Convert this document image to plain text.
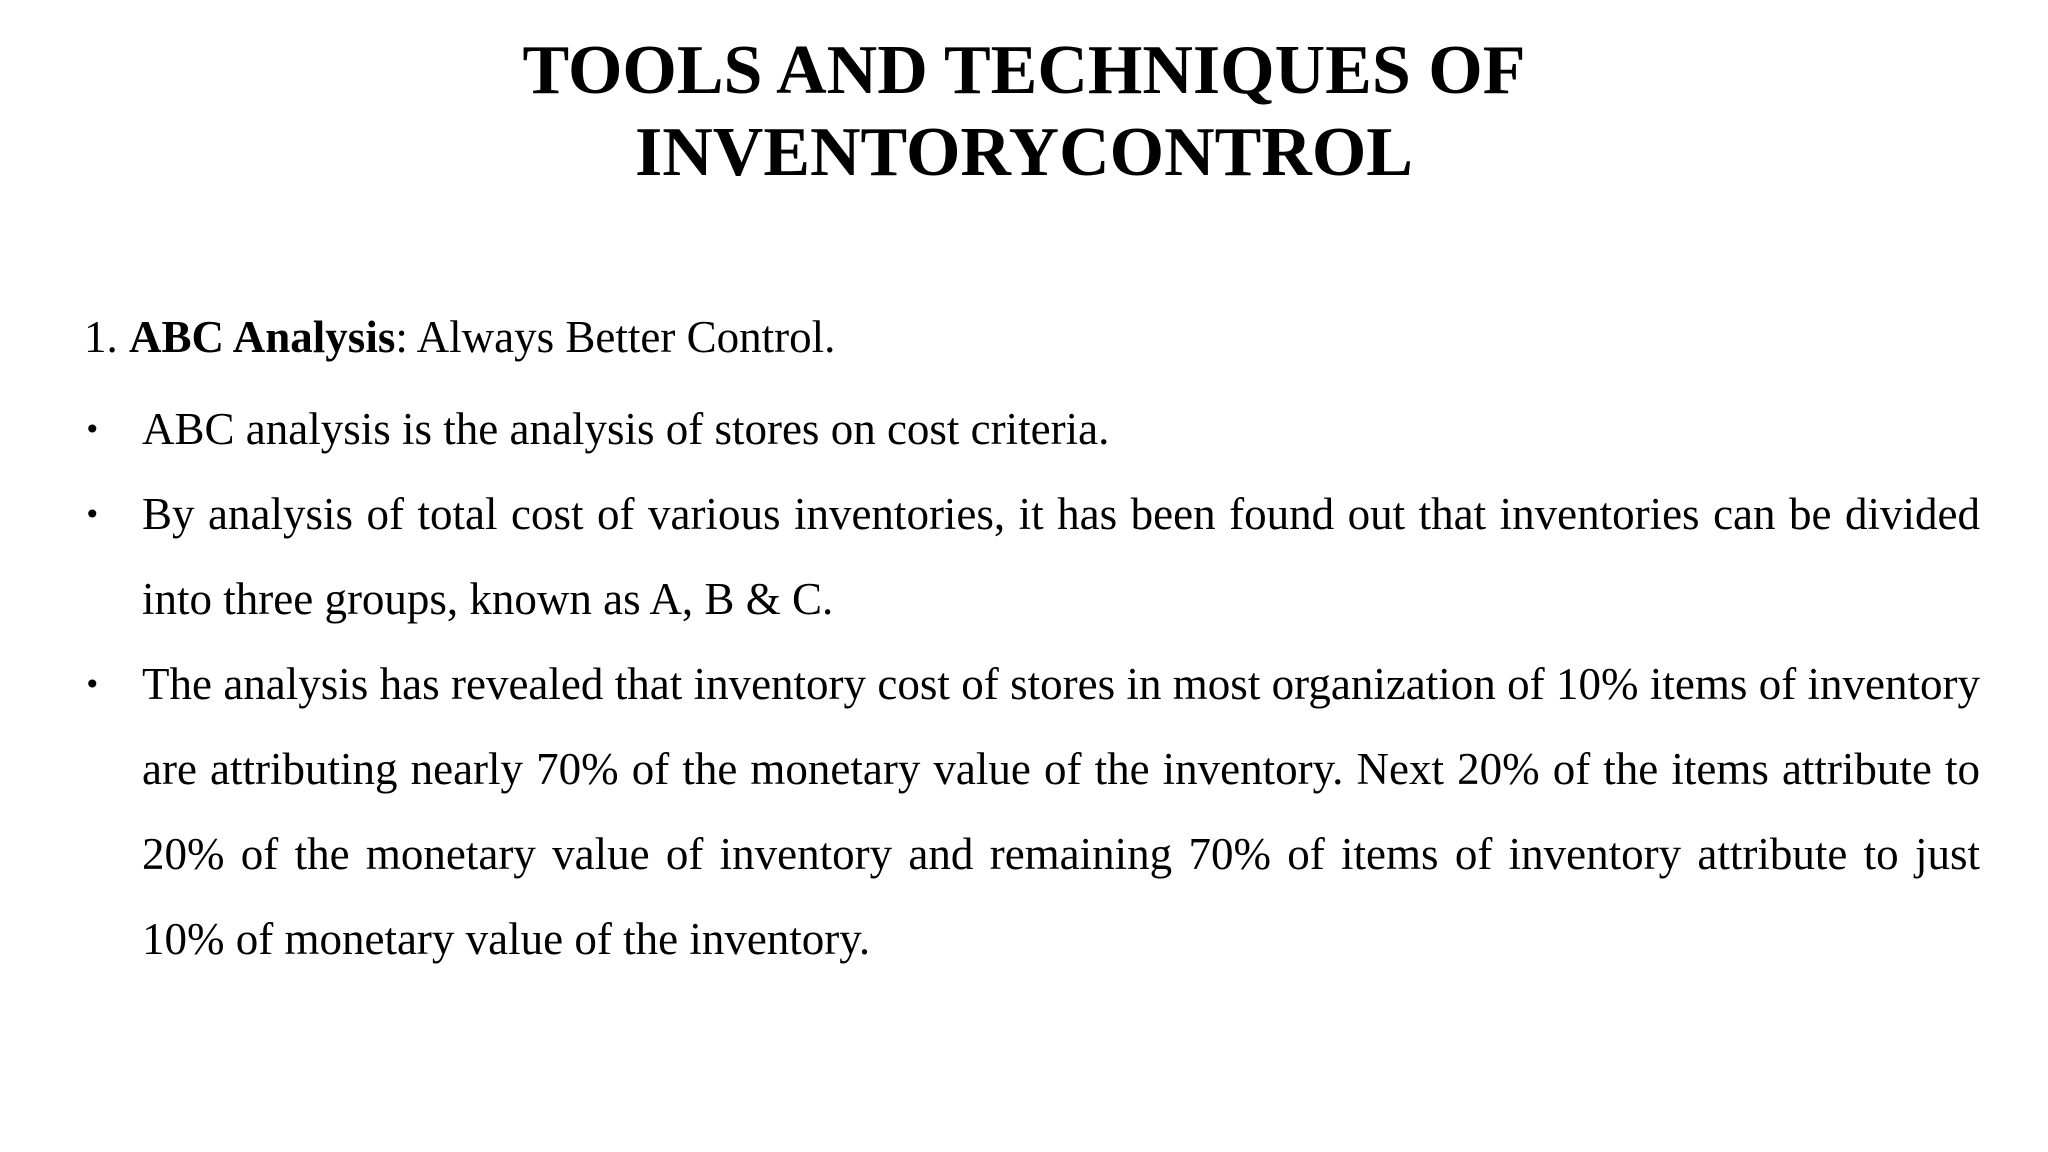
TOOLS AND TECHNIQUES OF
INVENTORYCONTROL
1. ABC Analysis: Always Better Control.
• ABC analysis is the analysis of stores on cost criteria.
• By analysis of total cost of various inventories, it has been found out that inventories can be divided into three groups, known as A, B & C.
• The analysis has revealed that inventory cost of stores in most organization of 10% items of inventory are attributing nearly 70% of the monetary value of the inventory. Next 20% of the items attribute to 20% of the monetary value of inventory and remaining 70% of items of inventory attribute to just 10% of monetary value of the inventory.
